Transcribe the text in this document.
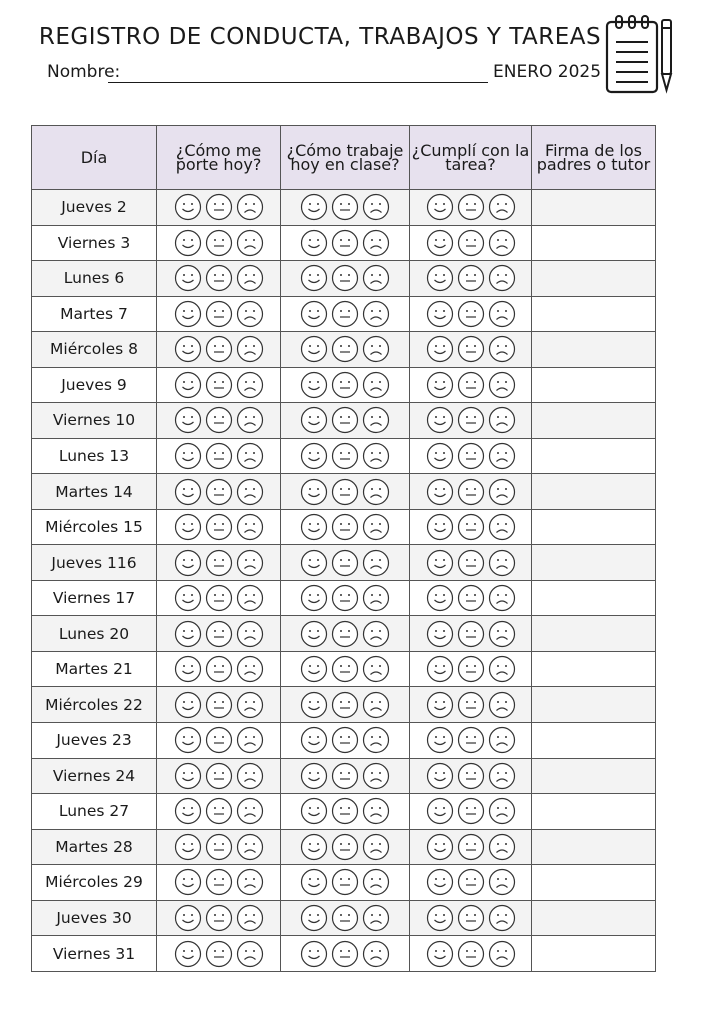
REGISTRO DE CONDUCTA, TRABAJOS Y TAREAS
Nombre:	ENERO 2025
Día	¿Cómo me porte hoy?	¿Cómo trabaje hoy en clase?	¿Cumplí con la tarea?	Firma de los padres o tutor
Jueves 2	

Viernes 3	

Lunes 6	

Martes 7	

Miércoles 8	

Jueves 9	

Viernes 10	

Lunes 13	

Martes 14	

Miércoles 15	

Jueves 116	

Viernes 17	

Lunes 20	

Martes 21	

Miércoles 22	

Jueves 23	

Viernes 24	

Lunes 27	

Martes 28	

Miércoles 29	

Jueves 30	

Viernes 31	
